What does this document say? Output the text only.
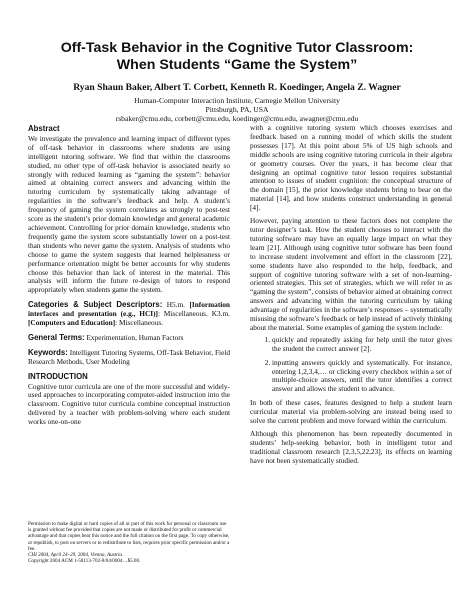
Off-Task Behavior in the Cognitive Tutor Classroom:
When Students “Game the System”
Ryan Shaun Baker, Albert T. Corbett, Kenneth R. Koedinger, Angela Z. Wagner
Human-Computer Interaction Institute, Carnegie Mellon University
Pittsburgh, PA, USA
rsbaker@cmu.edu, corbett@cmu.edu, koedinger@cmu.edu, awagner@cmu.edu
Abstract

We investigate the prevalence and learning impact of different types of off-task behavior in classrooms where students are using intelligent tutoring software. We find that within the classrooms studied, no other type of off-task behavior is associated nearly so strongly with reduced learning as “gaming the system”: behavior aimed at obtaining correct answers and advancing within the tutoring curriculum by systematically taking advantage of regularities in the software’s feedback and help. A student’s frequency of gaming the system correlates as strongly to post-test score as the student’s prior domain knowledge and general academic achievement. Controlling for prior domain knowledge, students who frequently game the system score substantially lower on a post-test than students who never game the system. Analysis of students who choose to game the system suggests that learned helplessness or performance orientation might be better accounts for why students choose this behavior than lack of interest in the material. This analysis will inform the future re-design of tutors to respond appropriately when students game the system.

Categories & Subject Descriptors: H5.m. [Information interfaces and presentation (e.g., HCI)]: Miscellaneous. K3.m. [Computers and Education]: Miscellaneous.

General Terms: Experimentation, Human Factors

Keywords: Intelligent Tutoring Systems, Off-Task Behavior, Field Research Methods, User Modeling

INTRODUCTION

Cognitive tutor curricula are one of the more successful and widely-used approaches to incorporating computer-aided instruction into the classroom. Cognitive tutor curricula combine conceptual instruction delivered by a teacher with problem-solving where each student works one-on-one

Permission to make digital or hard copies of all or part of this work for personal or classroom use is granted without fee provided that copies are not made or distributed for profit or commercial advantage and that copies bear this notice and the full citation on the first page. To copy otherwise, or republish, to post on servers or to redistribute to lists, requires prior specific permission and/or a fee.

CHI 2004, April 24–29, 2004, Vienna, Austria.

Copyright 2004 ACM 1-58113-702-8/04/0004…$5.00.

with a cognitive tutoring system which chooses exercises and feedback based on a running model of which skills the student possesses [17]. At this point about 5% of US high schools and middle schools are using cognitive tutoring curricula in their algebra or geometry courses. Over the years, it has become clear that designing an optimal cognitive tutor lesson requires substantial attention to issues of student cognition: the conceptual structure of the domain [15], the prior knowledge students bring to bear on the material [14], and how students construct understanding in general [4].

However, paying attention to these factors does not complete the tutor designer’s task. How the student chooses to interact with the tutoring software may have an equally large impact on what they learn [21]. Although using cognitive tutor software has been found to increase student involvement and effort in the classroom [22], some students have also responded to the help, feedback, and support of cognitive tutoring software with a set of non-learning-oriented strategies. This set of strategies, which we will refer to as “gaming the system”, consists of behavior aimed at obtaining correct answers and advancing within the tutoring curriculum by taking advantage of regularities in the software’s responses – systematically misusing the software’s feedback or help instead of actively thinking about the material. Some examples of gaming the system include:

1. quickly and repeatedly asking for help until the tutor gives the student the correct answer [2].
2. inputting answers quickly and systematically. For instance, entering 1,2,3,4,… or clicking every checkbox within a set of multiple-choice answers, until the tutor identifies a correct answer and allows the student to advance.

In both of these cases, features designed to help a student learn curricular material via problem-solving are instead being used to solve the current problem and move forward within the curriculum.

Although this phenomenon has been repeatedly documented in students’ help-seeking behavior, both in intelligent tutor and traditional classroom research [2,3,5,22,23], its effects on learning have not been systematically studied.
